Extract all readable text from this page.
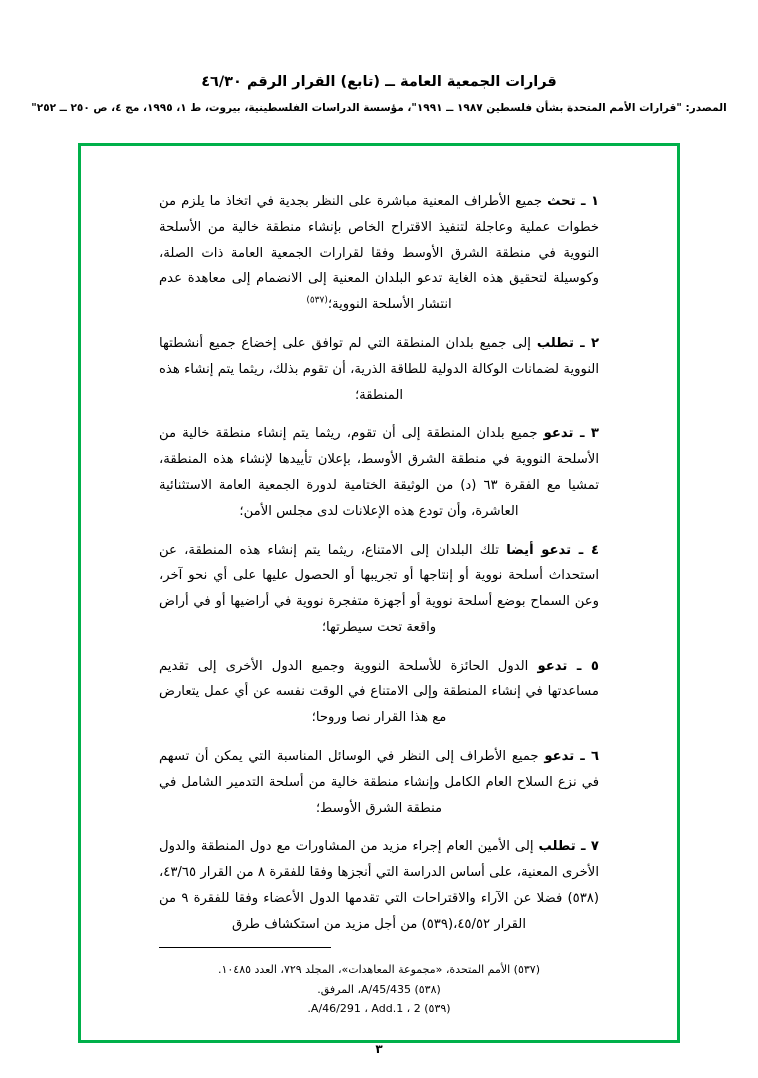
قرارات الجمعية العامة ــ (تابع) القرار الرقم ٤٦/٣٠
المصدر: "قرارات الأمم المتحدة بشأن فلسطين ١٩٨٧ ــ ١٩٩١"، مؤسسة الدراسات الفلسطينية، بيروت، ط ١، ١٩٩٥، مج ٤، ص ٢٥٠ ــ ٢٥٢"

١ ـ تحث جميع الأطراف المعنية مباشرة على النظر بجدية في اتخاذ ما يلزم من خطوات عملية وعاجلة لتنفيذ الاقتراح الخاص بإنشاء منطقة خالية من الأسلحة النووية في منطقة الشرق الأوسط وفقا لقرارات الجمعية العامة ذات الصلة، وكوسيلة لتحقيق هذه الغاية تدعو البلدان المعنية إلى الانضمام إلى معاهدة عدم انتشار الأسلحة النووية؛$^{(٥٣٧)}$

٢ ـ تطلب إلى جميع بلدان المنطقة التي لم توافق على إخضاع جميع أنشطتها النووية لضمانات الوكالة الدولية للطاقة الذرية، أن تقوم بذلك، ريثما يتم إنشاء هذه المنطقة؛

٣ ـ تدعو جميع بلدان المنطقة إلى أن تقوم، ريثما يتم إنشاء منطقة خالية من الأسلحة النووية في منطقة الشرق الأوسط، بإعلان تأييدها لإنشاء هذه المنطقة، تمشيا مع الفقرة ٦٣ (د) من الوثيقة الختامية لدورة الجمعية العامة الاستثنائية العاشرة، وأن تودع هذه الإعلانات لدى مجلس الأمن؛

٤ ـ تدعو أيضا تلك البلدان إلى الامتناع، ريثما يتم إنشاء هذه المنطقة، عن استحداث أسلحة نووية أو إنتاجها أو تجريبها أو الحصول عليها على أي نحو آخر، وعن السماح بوضع أسلحة نووية أو أجهزة متفجرة نووية في أراضيها أو في أراض واقعة تحت سيطرتها؛

٥ ـ تدعو الدول الحائزة للأسلحة النووية وجميع الدول الأخرى إلى تقديم مساعدتها في إنشاء المنطقة وإلى الامتناع في الوقت نفسه عن أي عمل يتعارض مع هذا القرار نصا وروحا؛

٦ ـ تدعو جميع الأطراف إلى النظر في الوسائل المناسبة التي يمكن أن تسهم في نزع السلاح العام الكامل وإنشاء منطقة خالية من أسلحة التدمير الشامل في منطقة الشرق الأوسط؛

٧ ـ تطلب إلى الأمين العام إجراء مزيد من المشاورات مع دول المنطقة والدول الأخرى المعنية، على أساس الدراسة التي أنجزها وفقا للفقرة ٨ من القرار ٤٣/٦٥،(٥٣٨) فضلا عن الآراء والاقتراحات التي تقدمها الدول الأعضاء وفقا للفقرة ٩ من القرار ٤٥/٥٢،(٥٣٩) من أجل مزيد من استكشاف طرق

(٥٣٧) الأمم المتحدة، «مجموعة المعاهدات»، المجلد ٧٢٩، العدد ١٠٤٨٥.
(٥٣٨) A/45/435، المرفق.
(٥٣٩) A/46/291 ، Add.1 ، 2.
٣
